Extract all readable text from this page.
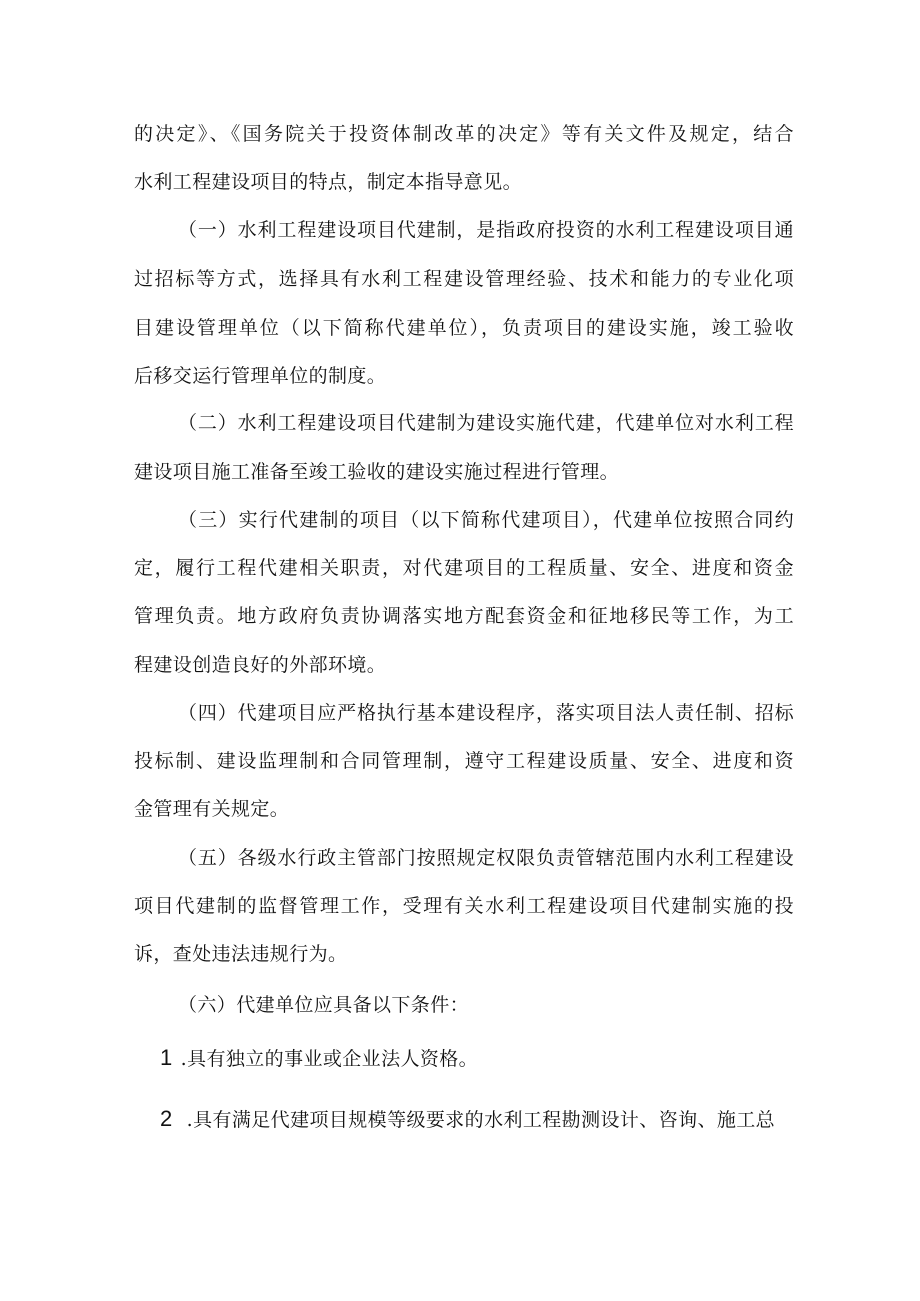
的决定》、《国务院关于投资体制改革的决定》等有关文件及规定，结合
水利工程建设项目的特点，制定本指导意见。
（一）水利工程建设项目代建制，是指政府投资的水利工程建设项目通
过招标等方式，选择具有水利工程建设管理经验、技术和能力的专业化项
目建设管理单位（以下简称代建单位），负责项目的建设实施，竣工验收
后移交运行管理单位的制度。
（二）水利工程建设项目代建制为建设实施代建，代建单位对水利工程
建设项目施工准备至竣工验收的建设实施过程进行管理。
（三）实行代建制的项目（以下简称代建项目），代建单位按照合同约
定，履行工程代建相关职责，对代建项目的工程质量、安全、进度和资金
管理负责。地方政府负责协调落实地方配套资金和征地移民等工作，为工
程建设创造良好的外部环境。
（四）代建项目应严格执行基本建设程序，落实项目法人责任制、招标
投标制、建设监理制和合同管理制，遵守工程建设质量、安全、进度和资
金管理有关规定。
（五）各级水行政主管部门按照规定权限负责管辖范围内水利工程建设
项目代建制的监督管理工作，受理有关水利工程建设项目代建制实施的投
诉，查处违法违规行为。
（六）代建单位应具备以下条件：
1 .具有独立的事业或企业法人资格。
2 .具有满足代建项目规模等级要求的水利工程勘测设计、咨询、施工总
